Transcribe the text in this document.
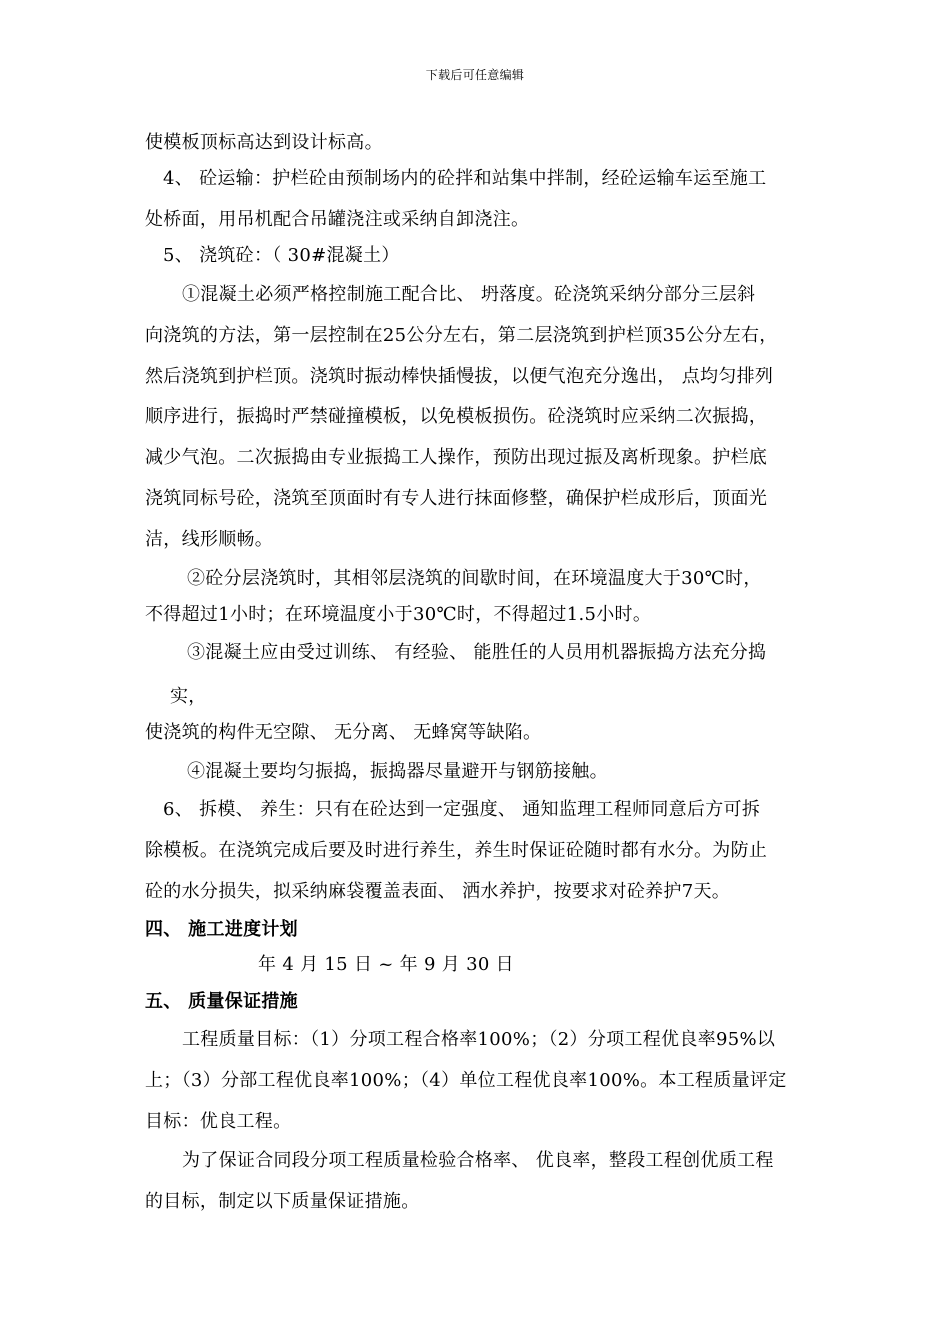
下载后可任意编辑
使模板顶标高达到设计标高。
4、 砼运输：护栏砼由预制场内的砼拌和站集中拌制，经砼运输车运至施工
处桥面，用吊机配合吊罐浇注或采纳自卸浇注。
5、 浇筑砼：（ 30#混凝土）
①混凝土必须严格控制施工配合比、 坍落度。砼浇筑采纳分部分三层斜
向浇筑的方法，第一层控制在25公分左右，第二层浇筑到护栏顶35公分左右，
然后浇筑到护栏顶。浇筑时振动棒快插慢拔，以便气泡充分逸出， 点均匀排列
顺序进行，振捣时严禁碰撞模板，以免模板损伤。砼浇筑时应采纳二次振捣，
减少气泡。二次振捣由专业振捣工人操作，预防出现过振及离析现象。护栏底
浇筑同标号砼，浇筑至顶面时有专人进行抹面修整，确保护栏成形后，顶面光
洁，线形顺畅。
②砼分层浇筑时，其相邻层浇筑的间歇时间，在环境温度大于30℃时，
不得超过1小时；在环境温度小于30℃时，不得超过1.5小时。
③混凝土应由受过训练、 有经验、 能胜任的人员用机器振捣方法充分捣
实，
使浇筑的构件无空隙、 无分离、 无蜂窝等缺陷。
④混凝土要均匀振捣，振捣器尽量避开与钢筋接触。
6、 拆模、 养生：只有在砼达到一定强度、 通知监理工程师同意后方可拆
除模板。在浇筑完成后要及时进行养生，养生时保证砼随时都有水分。为防止
砼的水分损失，拟采纳麻袋覆盖表面、 洒水养护，按要求对砼养护7天。
四、 施工进度计划
年 4 月 15 日 ~ 年 9 月 30 日
五、 质量保证措施
工程质量目标：（1）分项工程合格率100%；（2）分项工程优良率95%以
上；（3）分部工程优良率100%；（4）单位工程优良率100%。本工程质量评定
目标：优良工程。
为了保证合同段分项工程质量检验合格率、 优良率，整段工程创优质工程
的目标，制定以下质量保证措施。
